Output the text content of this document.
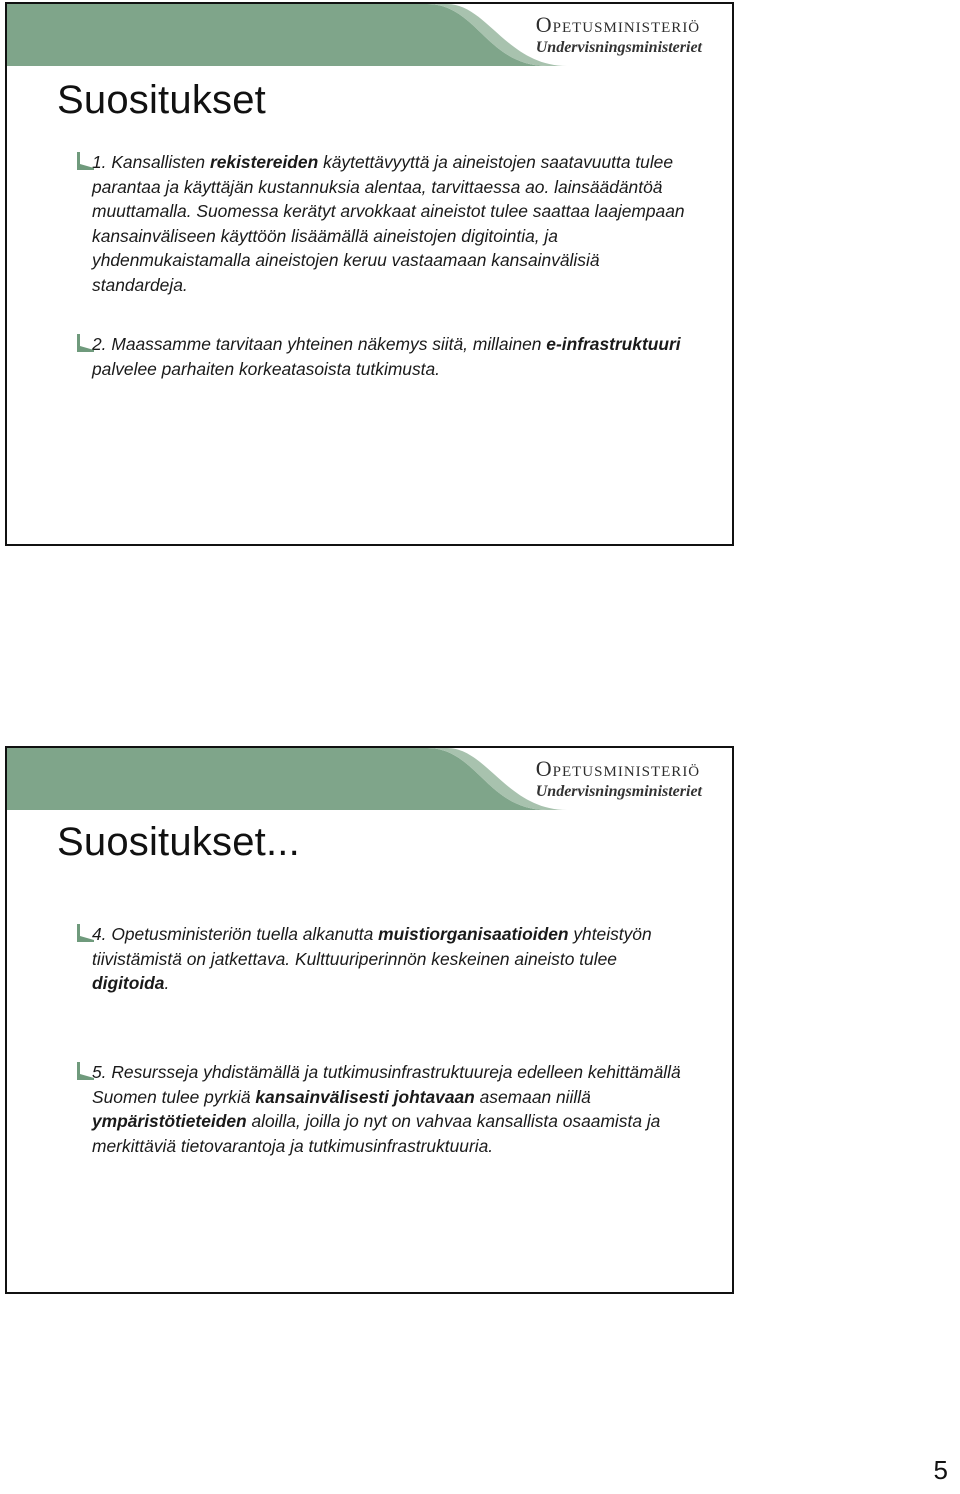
Opetusministeriö
Undervisningsministeriet
Suositukset
1. Kansallisten rekistereiden käytettävyyttä ja aineistojen saatavuutta tulee parantaa ja käyttäjän kustannuksia alentaa, tarvittaessa ao. lainsäädäntöä muuttamalla. Suomessa kerätyt arvokkaat aineistot tulee saattaa laajempaan kansainväliseen käyttöön lisäämällä aineistojen digitointia, ja yhdenmukaistamalla aineistojen keruu vastaamaan kansainvälisiä standardeja.
2. Maassamme tarvitaan yhteinen näkemys siitä, millainen e-infrastruktuuri palvelee parhaiten korkeatasoista tutkimusta.
Opetusministeriö
Undervisningsministeriet
Suositukset...
4. Opetusministeriön tuella alkanutta muistiorganisaatioiden yhteistyön tiivistämistä on jatkettava. Kulttuuriperinnön keskeinen aineisto tulee digitoida.
5. Resursseja yhdistämällä ja tutkimusinfrastruktuureja edelleen kehittämällä Suomen tulee pyrkiä kansainvälisesti johtavaan asemaan niillä ympäristötieteiden aloilla, joilla jo nyt on vahvaa kansallista osaamista ja merkittäviä tietovarantoja ja tutkimusinfrastruktuuria.
5
